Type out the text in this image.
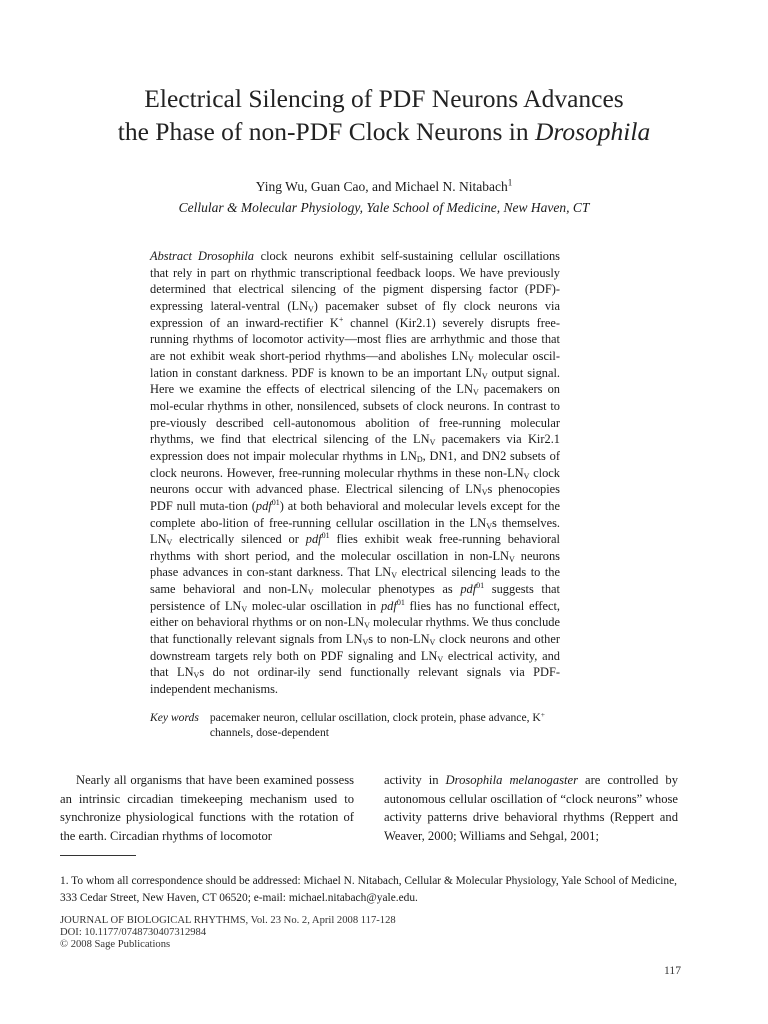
Electrical Silencing of PDF Neurons Advances
the Phase of non-PDF Clock Neurons in Drosophila
Ying Wu, Guan Cao, and Michael N. Nitabach$^1$
Cellular & Molecular Physiology, Yale School of Medicine, New Haven, CT
Abstract Drosophila clock neurons exhibit self-sustaining cellular oscillations that rely in part on rhythmic transcriptional feedback loops. We have previously determined that electrical silencing of the pigment dispersing factor (PDF)-expressing lateral-ventral $(LN_V)$ pacemaker subset of fly clock neurons via expression of an inward-rectifier K+ channel (Kir2.1) severely disrupts free-running rhythms of locomotor activity—most flies are arrhythmic and those that are not exhibit weak short-period rhythms—and abolishes $LN_V$ molecular oscil-lation in constant darkness. PDF is known to be an important $LN_V$ output signal. Here we examine the effects of electrical silencing of the $LN_V$ pacemakers on mol-ecular rhythms in other, nonsilenced, subsets of clock neurons. In contrast to pre-viously described cell-autonomous abolition of free-running molecular rhythms, we find that electrical silencing of the $LN_V$ pacemakers via Kir2.1 expression does not impair molecular rhythms in $LN_D$, DN1, and DN2 subsets of clock neurons. However, free-running molecular rhythms in these non-$LN_V$ clock neurons occur with advanced phase. Electrical silencing of $LN_Vs$ phenocopies PDF null muta-tion (pdf$^{01}$) at both behavioral and molecular levels except for the complete abo-lition of free-running cellular oscillation in the $LN_Vs$ themselves. $LN_V$ electrically silenced or pdf$^{01}$ flies exhibit weak free-running behavioral rhythms with short period, and the molecular oscillation in non-$LN_V$ neurons phase advances in con-stant darkness. That $LN_V$ electrical silencing leads to the same behavioral and non-$LN_V$ molecular phenotypes as pdf$^{01}$ suggests that persistence of $LN_V$ molec-ular oscillation in pdf$^{01}$ flies has no functional effect, either on behavioral rhythms or on non-$LN_V$ molecular rhythms. We thus conclude that functionally relevant signals from $LN_Vs$ to non-$LN_V$ clock neurons and other downstream targets rely both on PDF signaling and $LN_V$ electrical activity, and that $LN_Vs$ do not ordinar-ily send functionally relevant signals via PDF-independent mechanisms.
Key words pacemaker neuron, cellular oscillation, clock protein, phase advance, K+ channels, dose-dependent
Nearly all organisms that have been examined possess an intrinsic circadian timekeeping mechanism used to synchronize physiological functions with the rotation of the earth. Circadian rhythms of locomotor
activity in Drosophila melanogaster are controlled by autonomous cellular oscillation of “clock neurons” whose activity patterns drive behavioral rhythms (Reppert and Weaver, 2000; Williams and Sehgal, 2001;
1. To whom all correspondence should be addressed: Michael N. Nitabach, Cellular & Molecular Physiology, Yale School of Medicine, 333 Cedar Street, New Haven, CT 06520; e-mail: michael.nitabach@yale.edu.
JOURNAL OF BIOLOGICAL RHYTHMS, Vol. 23 No. 2, April 2008 117-128
DOI: 10.1177/0748730407312984
© 2008 Sage Publications
117
